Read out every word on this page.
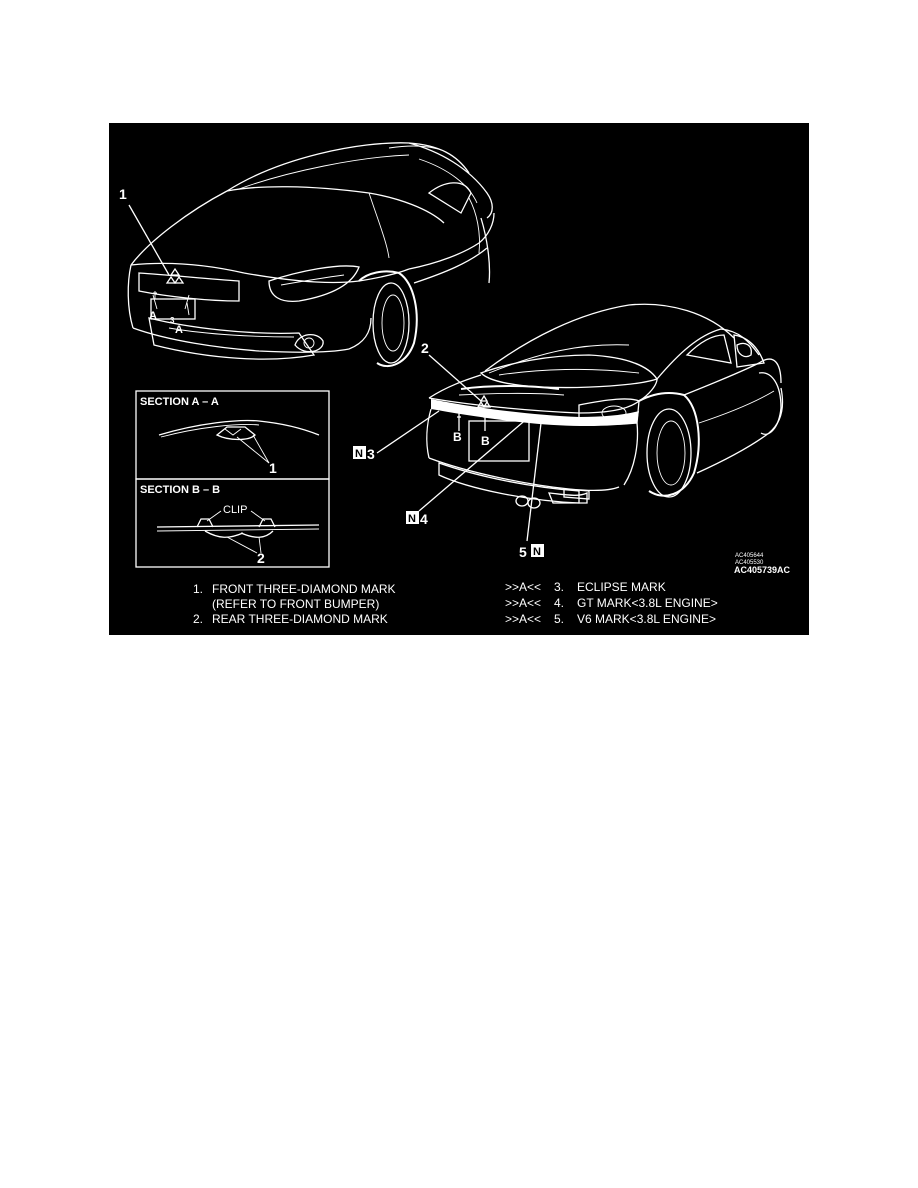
1
A
A
3
2
B B
N 3
N 4
5 N
SECTION A – A
1
SECTION B – B
CLIP
2	AC405644
AC405530
AC405739AC
1. FRONT THREE-DIAMOND MARK
(REFER TO FRONT BUMPER)
2. REAR THREE-DIAMOND MARK
>>A<< 3. ECLIPSE MARK
>>A<< 4. GT MARK<3.8L ENGINE>
>>A<< 5. V6 MARK<3.8L ENGINE>
